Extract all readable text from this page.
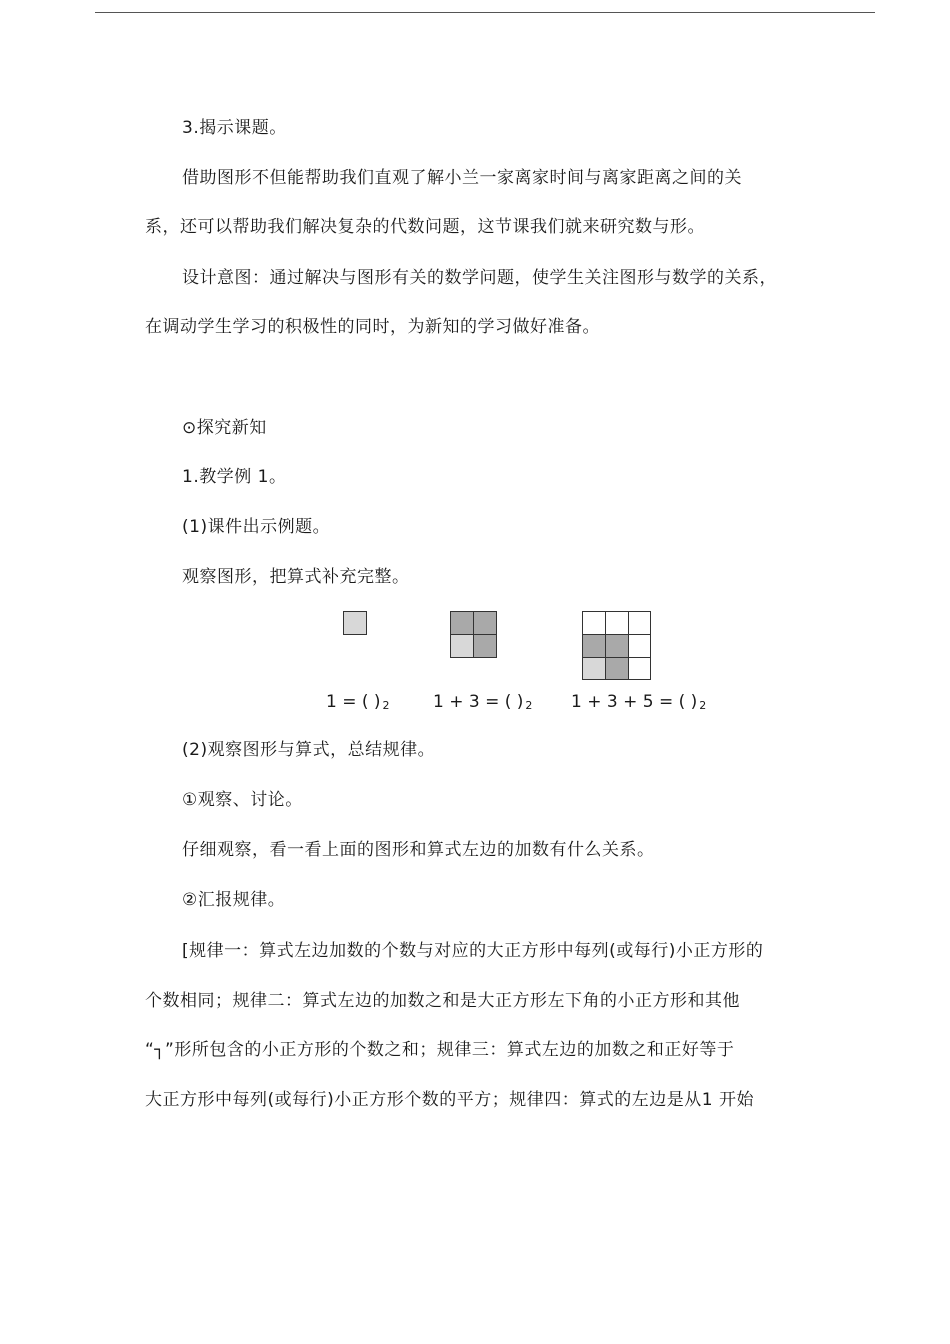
3.揭示课题。
借助图形不但能帮助我们直观了解小兰一家离家时间与离家距离之间的关
系，还可以帮助我们解决复杂的代数问题，这节课我们就来研究数与形。
设计意图：通过解决与图形有关的数学问题，使学生关注图形与数学的关系，
在调动学生学习的积极性的同时，为新知的学习做好准备。
⊙探究新知
1.教学例 1。
(1)课件出示例题。
观察图形，把算式补充完整。
1 = ( ) 2	1 + 3 = ( ) 2 1 + 3 + 5 = ( ) 2
(2)观察图形与算式，总结规律。
①观察、讨论。
仔细观察，看一看上面的图形和算式左边的加数有什么关系。
②汇报规律。
[规律一：算式左边加数的个数与对应的大正方形中每列(或每行)小正方形的
个数相同；规律二：算式左边的加数之和是大正方形左下角的小正方形和其他
“┐”形所包含的小正方形的个数之和；规律三：算式左边的加数之和正好等于
大正方形中每列(或每行)小正方形个数的平方；规律四：算式的左边是从1 开始
